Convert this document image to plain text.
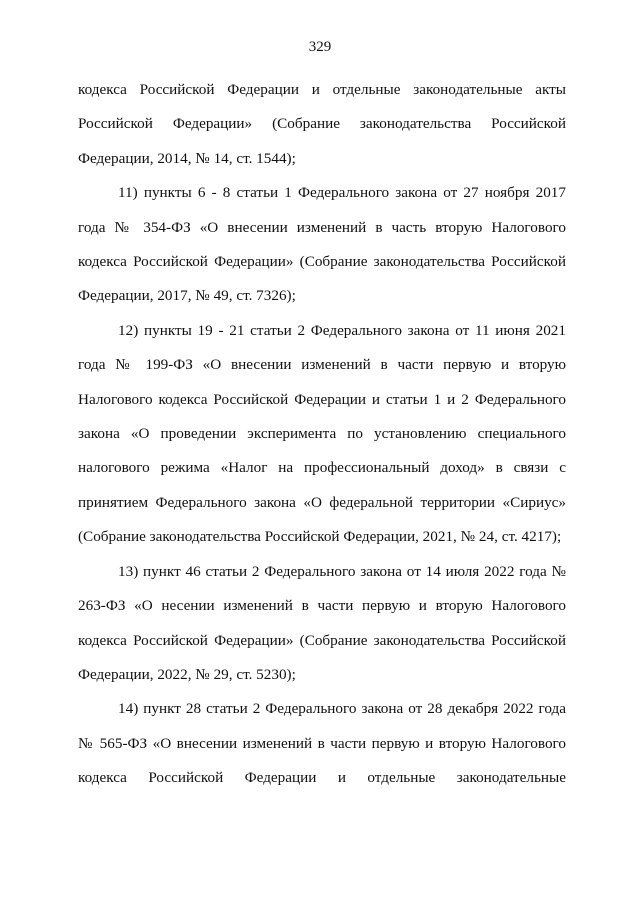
329

кодекса Российской Федерации и отдельные законодательные акты Российской Федерации» (Собрание законодательства Российской Федерации, 2014, № 14, ст. 1544);

11) пункты 6 - 8 статьи 1 Федерального закона от 27 ноября 2017 года № 354-ФЗ «О внесении изменений в часть вторую Налогового кодекса Российской Федерации» (Собрание законодательства Российской Федерации, 2017, № 49, ст. 7326);

12) пункты 19 - 21 статьи 2 Федерального закона от 11 июня 2021 года № 199-ФЗ «О внесении изменений в части первую и вторую Налогового кодекса Российской Федерации и статьи 1 и 2 Федерального закона «О проведении эксперимента по установлению специального налогового режима «Налог на профессиональный доход» в связи с принятием Федерального закона «О федеральной территории «Сириус» (Собрание законодательства Российской Федерации, 2021, № 24, ст. 4217);

13) пункт 46 статьи 2 Федерального закона от 14 июля 2022 года № 263-ФЗ «О несении изменений в части первую и вторую Налогового кодекса Российской Федерации» (Собрание законодательства Российской Федерации, 2022, № 29, ст. 5230);

14) пункт 28 статьи 2 Федерального закона от 28 декабря 2022 года № 565-ФЗ «О внесении изменений в части первую и вторую Налогового кодекса Российской Федерации и отдельные законодательные
